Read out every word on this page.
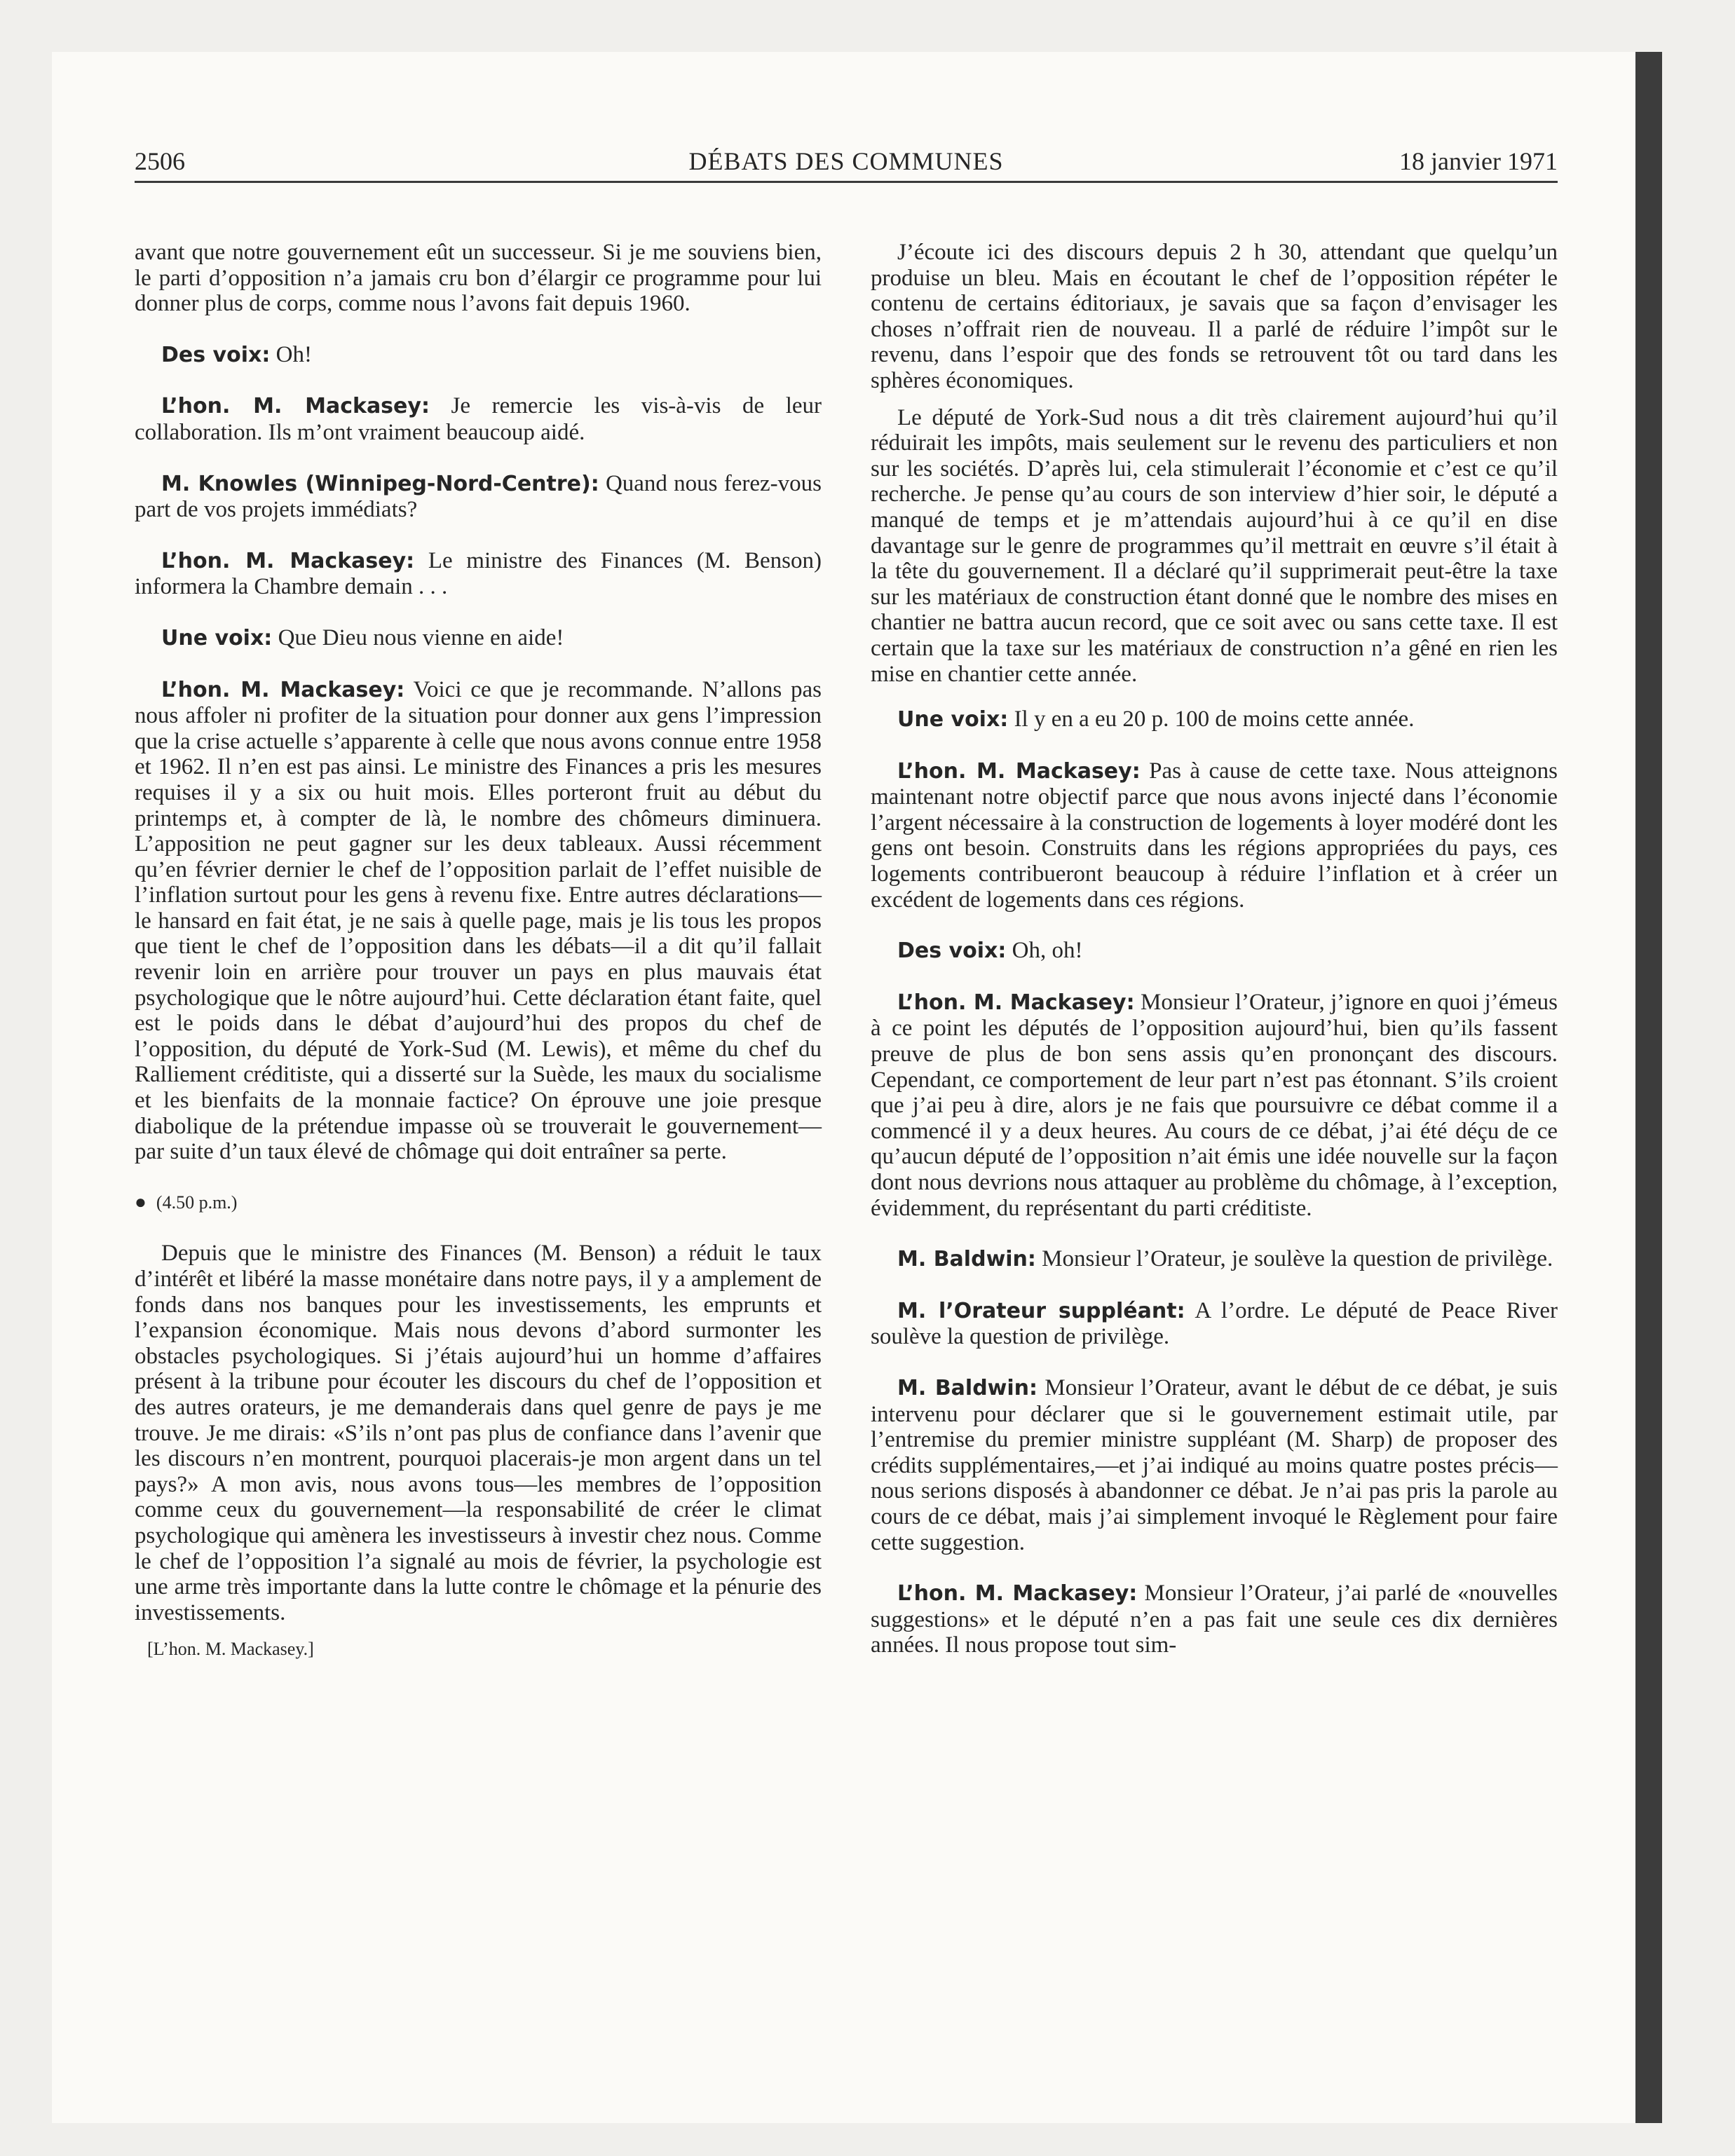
DÉBATS DES COMMUNES
2506	18 janvier 1971

avant que notre gouvernement eût un successeur. Si je me souviens bien, le parti d’opposition n’a jamais cru bon d’élargir ce programme pour lui donner plus de corps, comme nous l’avons fait depuis 1960.

Des voix: Oh!

L’hon. M. Mackasey: Je remercie les vis-à-vis de leur collaboration. Ils m’ont vraiment beaucoup aidé.

M. Knowles (Winnipeg-Nord-Centre): Quand nous ferez-vous part de vos projets immédiats?

L’hon. M. Mackasey: Le ministre des Finances (M. Benson) informera la Chambre demain . . .

Une voix: Que Dieu nous vienne en aide!

L’hon. M. Mackasey: Voici ce que je recommande. N’allons pas nous affoler ni profiter de la situation pour donner aux gens l’impression que la crise actuelle s’apparente à celle que nous avons connue entre 1958 et 1962. Il n’en est pas ainsi. Le ministre des Finances a pris les mesures requises il y a six ou huit mois. Elles porteront fruit au début du printemps et, à compter de là, le nombre des chômeurs diminuera. L’apposition ne peut gagner sur les deux tableaux. Aussi récemment qu’en février dernier le chef de l’opposition parlait de l’effet nuisible de l’inflation surtout pour les gens à revenu fixe. Entre autres déclarations—le hansard en fait état, je ne sais à quelle page, mais je lis tous les propos que tient le chef de l’opposition dans les débats—il a dit qu’il fallait revenir loin en arrière pour trouver un pays en plus mauvais état psychologique que le nôtre aujourd’hui. Cette déclaration étant faite, quel est le poids dans le débat d’aujourd’hui des propos du chef de l’opposition, du député de York-Sud (M. Lewis), et même du chef du Ralliement créditiste, qui a disserté sur la Suède, les maux du socialisme et les bienfaits de la monnaie factice? On éprouve une joie presque diabolique de la prétendue impasse où se trouverait le gouvernement—par suite d’un taux élevé de chômage qui doit entraîner sa perte.

● (4.50 p.m.)

Depuis que le ministre des Finances (M. Benson) a réduit le taux d’intérêt et libéré la masse monétaire dans notre pays, il y a amplement de fonds dans nos banques pour les investissements, les emprunts et l’expansion économique. Mais nous devons d’abord surmonter les obstacles psychologiques. Si j’étais aujourd’hui un homme d’affaires présent à la tribune pour écouter les discours du chef de l’opposition et des autres orateurs, je me demanderais dans quel genre de pays je me trouve. Je me dirais: «S’ils n’ont pas plus de confiance dans l’avenir que les discours n’en montrent, pourquoi placerais-je mon argent dans un tel pays?» A mon avis, nous avons tous—les membres de l’opposition comme ceux du gouvernement—la responsabilité de créer le climat psychologique qui amènera les investisseurs à investir chez nous. Comme le chef de l’opposition l’a signalé au mois de février, la psychologie est une arme très importante dans la lutte contre le chômage et la pénurie des investissements.

[L’hon. M. Mackasey.]

J’écoute ici des discours depuis 2 h 30, attendant que quelqu’un produise un bleu. Mais en écoutant le chef de l’opposition répéter le contenu de certains éditoriaux, je savais que sa façon d’envisager les choses n’offrait rien de nouveau. Il a parlé de réduire l’impôt sur le revenu, dans l’espoir que des fonds se retrouvent tôt ou tard dans les sphères économiques.

Le député de York-Sud nous a dit très clairement aujourd’hui qu’il réduirait les impôts, mais seulement sur le revenu des particuliers et non sur les sociétés. D’après lui, cela stimulerait l’économie et c’est ce qu’il recherche. Je pense qu’au cours de son interview d’hier soir, le député a manqué de temps et je m’attendais aujourd’hui à ce qu’il en dise davantage sur le genre de programmes qu’il mettrait en œuvre s’il était à la tête du gouvernement. Il a déclaré qu’il supprimerait peut-être la taxe sur les matériaux de construction étant donné que le nombre des mises en chantier ne battra aucun record, que ce soit avec ou sans cette taxe. Il est certain que la taxe sur les matériaux de construction n’a gêné en rien les mise en chantier cette année.

Une voix: Il y en a eu 20 p. 100 de moins cette année.

L’hon. M. Mackasey: Pas à cause de cette taxe. Nous atteignons maintenant notre objectif parce que nous avons injecté dans l’économie l’argent nécessaire à la construction de logements à loyer modéré dont les gens ont besoin. Construits dans les régions appropriées du pays, ces logements contribueront beaucoup à réduire l’inflation et à créer un excédent de logements dans ces régions.

Des voix: Oh, oh!

L’hon. M. Mackasey: Monsieur l’Orateur, j’ignore en quoi j’émeus à ce point les députés de l’opposition aujourd’hui, bien qu’ils fassent preuve de plus de bon sens assis qu’en prononçant des discours. Cependant, ce comportement de leur part n’est pas étonnant. S’ils croient que j’ai peu à dire, alors je ne fais que poursuivre ce débat comme il a commencé il y a deux heures. Au cours de ce débat, j’ai été déçu de ce qu’aucun député de l’opposition n’ait émis une idée nouvelle sur la façon dont nous devrions nous attaquer au problème du chômage, à l’exception, évidemment, du représentant du parti créditiste.

M. Baldwin: Monsieur l’Orateur, je soulève la question de privilège.

M. l’Orateur suppléant: A l’ordre. Le député de Peace River soulève la question de privilège.

M. Baldwin: Monsieur l’Orateur, avant le début de ce débat, je suis intervenu pour déclarer que si le gouvernement estimait utile, par l’entremise du premier ministre suppléant (M. Sharp) de proposer des crédits supplémentaires,—et j’ai indiqué au moins quatre postes précis—nous serions disposés à abandonner ce débat. Je n’ai pas pris la parole au cours de ce débat, mais j’ai simplement invoqué le Règlement pour faire cette suggestion.

L’hon. M. Mackasey: Monsieur l’Orateur, j’ai parlé de «nouvelles suggestions» et le député n’en a pas fait une seule ces dix dernières années. Il nous propose tout sim-
